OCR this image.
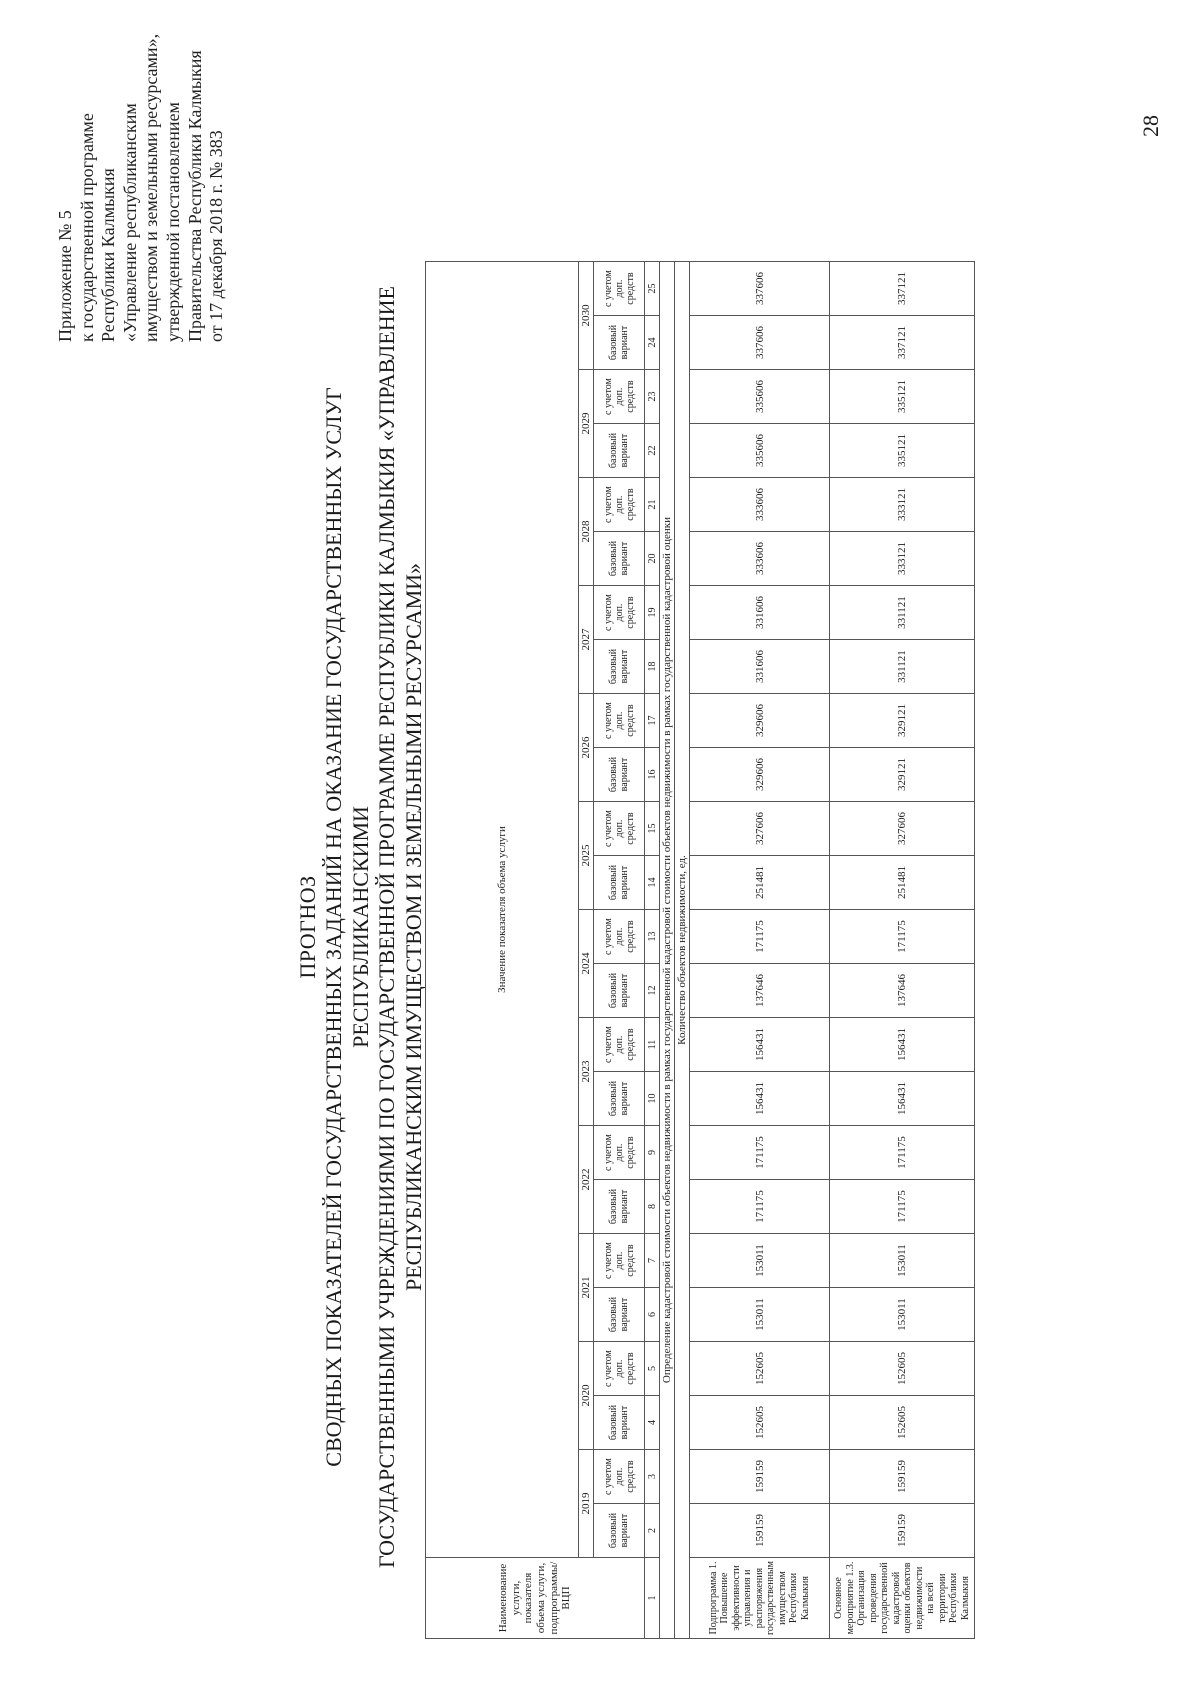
Приложение № 5
к государственной программе
Республики Калмыкия
«Управление республиканским
имуществом и земельными ресурсами»,
утвержденной постановлением
Правительства Республики Калмыкия
от 17 декабря 2018 г. № 383
ПРОГНОЗ СВОДНЫХ ПОКАЗАТЕЛЕЙ ГОСУДАРСТВЕННЫХ ЗАДАНИЙ НА ОКАЗАНИЕ ГОСУДАРСТВЕННЫХ УСЛУГ РЕСПУБЛИКАНСКИМИ ГОСУДАРСТВЕННЫМИ УЧРЕЖДЕНИЯМИ ПО ГОСУДАРСТВЕННОЙ ПРОГРАММЕ РЕСПУБЛИКИ КАЛМЫКИЯ «УПРАВЛЕНИЕ РЕСПУБЛИКАНСКИМ ИМУЩЕСТВОМ И ЗЕМЕЛЬНЫМИ РЕСУРСАМИ»
Наименование услуги, показателя объема услуги, подпрограммы/ ВЦП	Значение показателя объема услуги																							
	2019		2020		2021		2022		2023		2024		2025		2026		2027		2028		2029		2030	
	базовый вариант	с учетом доп. средств	базовый вариант	с учетом доп. средств	базовый вариант	с учетом доп. средств	базовый вариант	с учетом доп. средств	базовый вариант	с учетом доп. средств	базовый вариант	с учетом доп. средств	базовый вариант	с учетом доп. средств	базовый вариант	с учетом доп. средств	базовый вариант	с учетом доп. средств	базовый вариант	с учетом доп. средств	базовый вариант	с учетом доп. средств	базовый вариант	с учетом доп. средств
1	2	3	4	5	6	7	8	9	10	11	12	13	14	15	16	17	18	19	20	21	22	23	24	25
Определение кадастровой стоимости объектов недвижимости в рамках государственной кадастровой стоимости объектов недвижимости в рамках государственной кадастровой оценки																								
Количество объектов недвижимости, ед.																								
Подпрограмма 1. Повышение эффективности управления и распоряжения государственным имуществом Республики Калмыкия	159159	159159	152605	152605	153011	153011	171175	171175	156431	156431	137646	171175	251481	327606	329606	329606	331606	331606	333606	333606	335606	335606	337606	337606
Основное мероприятие 1.3. Организация проведения государственной кадастровой оценки объектов недвижимости на всей территории Республики Калмыкия	159159	159159	152605	152605	153011	153011	171175	171175	156431	156431	137646	171175	251481	327606	329121	329121	331121	331121	333121	333121	335121	335121	337121	337121
28
